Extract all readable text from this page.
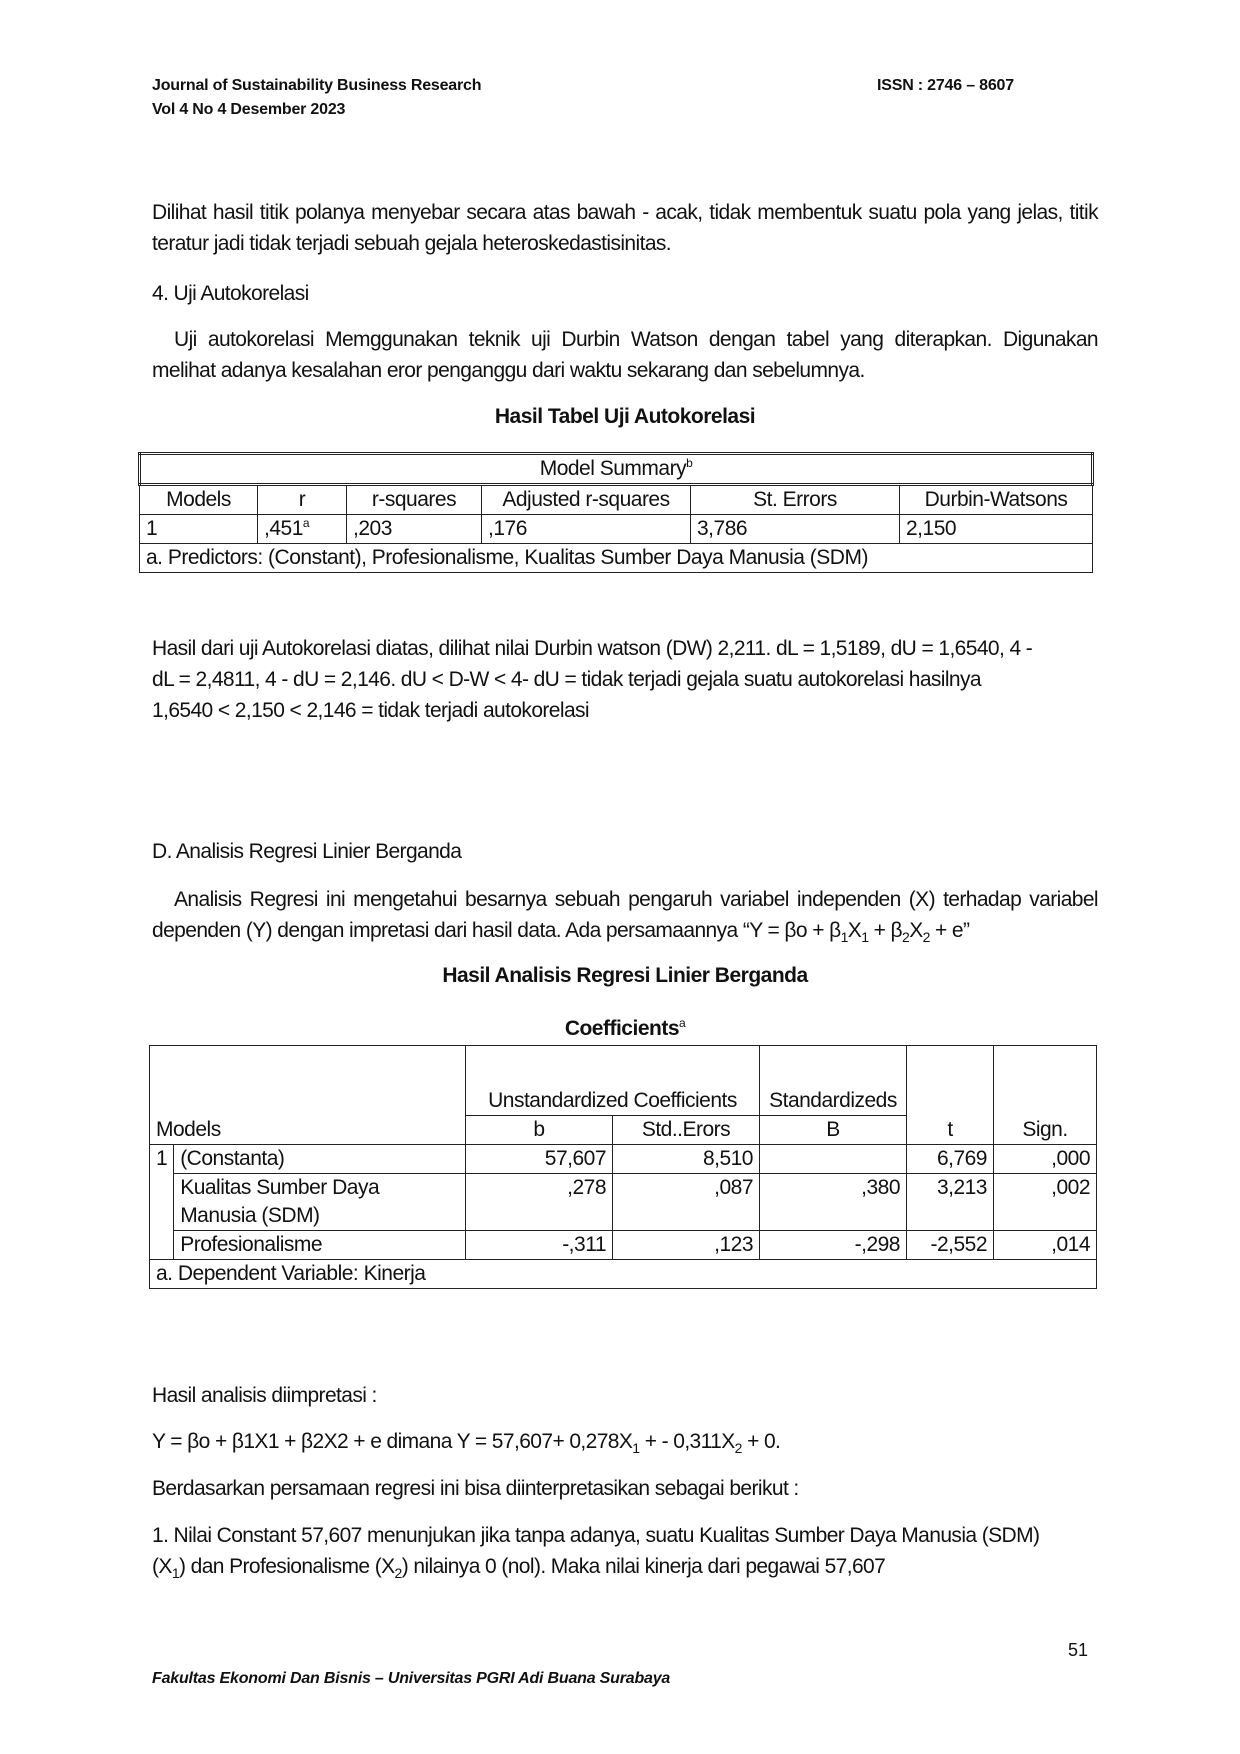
Journal of Sustainability Business Research
Vol 4 No 4 Desember 2023
ISSN : 2746 – 8607
Dilihat hasil titik polanya menyebar secara atas bawah - acak, tidak membentuk suatu pola yang jelas, titik teratur jadi tidak terjadi sebuah gejala heteroskedastisinitas.
4. Uji Autokorelasi
Uji autokorelasi Memggunakan teknik uji Durbin Watson dengan tabel yang diterapkan. Digunakan melihat adanya kesalahan eror penganggu dari waktu sekarang dan sebelumnya.
Hasil Tabel Uji Autokorelasi
Model Summary$^b$
Models	r	r-squares	Adjusted r-squares	St. Errors	Durbin-Watsons
1	,451$^a$	,203	,176	3,786	2,150
a. Predictors: (Constant), Profesionalisme, Kualitas Sumber Daya Manusia (SDM)					
Hasil dari uji Autokorelasi diatas, dilihat nilai Durbin watson (DW) 2,211. dL = 1,5189, dU = 1,6540, 4 -
dL = 2,4811, 4 - dU = 2,146. dU < D-W < 4- dU = tidak terjadi gejala suatu autokorelasi hasilnya
1,6540 < 2,150 < 2,146 = tidak terjadi autokorelasi
D. Analisis Regresi Linier Berganda
Analisis Regresi ini mengetahui besarnya sebuah pengaruh variabel independen (X) terhadap variabel dependen (Y) dengan impretasi dari hasil data. Ada persamaannya “$Y = \beta o + \beta_1X_1 + \beta_2X_2 + e$”
Hasil Analisis Regresi Linier Berganda
Coefficients$^a$
Models		Unstandardized Coefficients		Standardizeds	t	Sign.
		b	Std..Erors	B		
1	(Constanta)	57,607	8,510		6,769	,000

	Kualitas Sumber Daya
Manusia (SDM)	,278	,087	,380	3,213	,002
	Profesionalisme	-,311	,123	-,298	-2,552	,014
a. Dependent Variable: Kinerja						
Hasil analisis diimpretasi :
Y = βo + β1X1 + β2X2 + e dimana $Y = 57,607+ 0,278X_1$ + - $0,311X_2 + 0$.
Berdasarkan persamaan regresi ini bisa diinterpretasikan sebagai berikut :
1. Nilai Constant 57,607 menunjukan jika tanpa adanya, suatu Kualitas Sumber Daya Manusia (SDM)
$(X_1)$ dan Profesionalisme $(X_2)$ nilainya 0 (nol). Maka nilai kinerja dari pegawai 57,607
51
Fakultas Ekonomi Dan Bisnis – Universitas PGRI Adi Buana Surabaya
